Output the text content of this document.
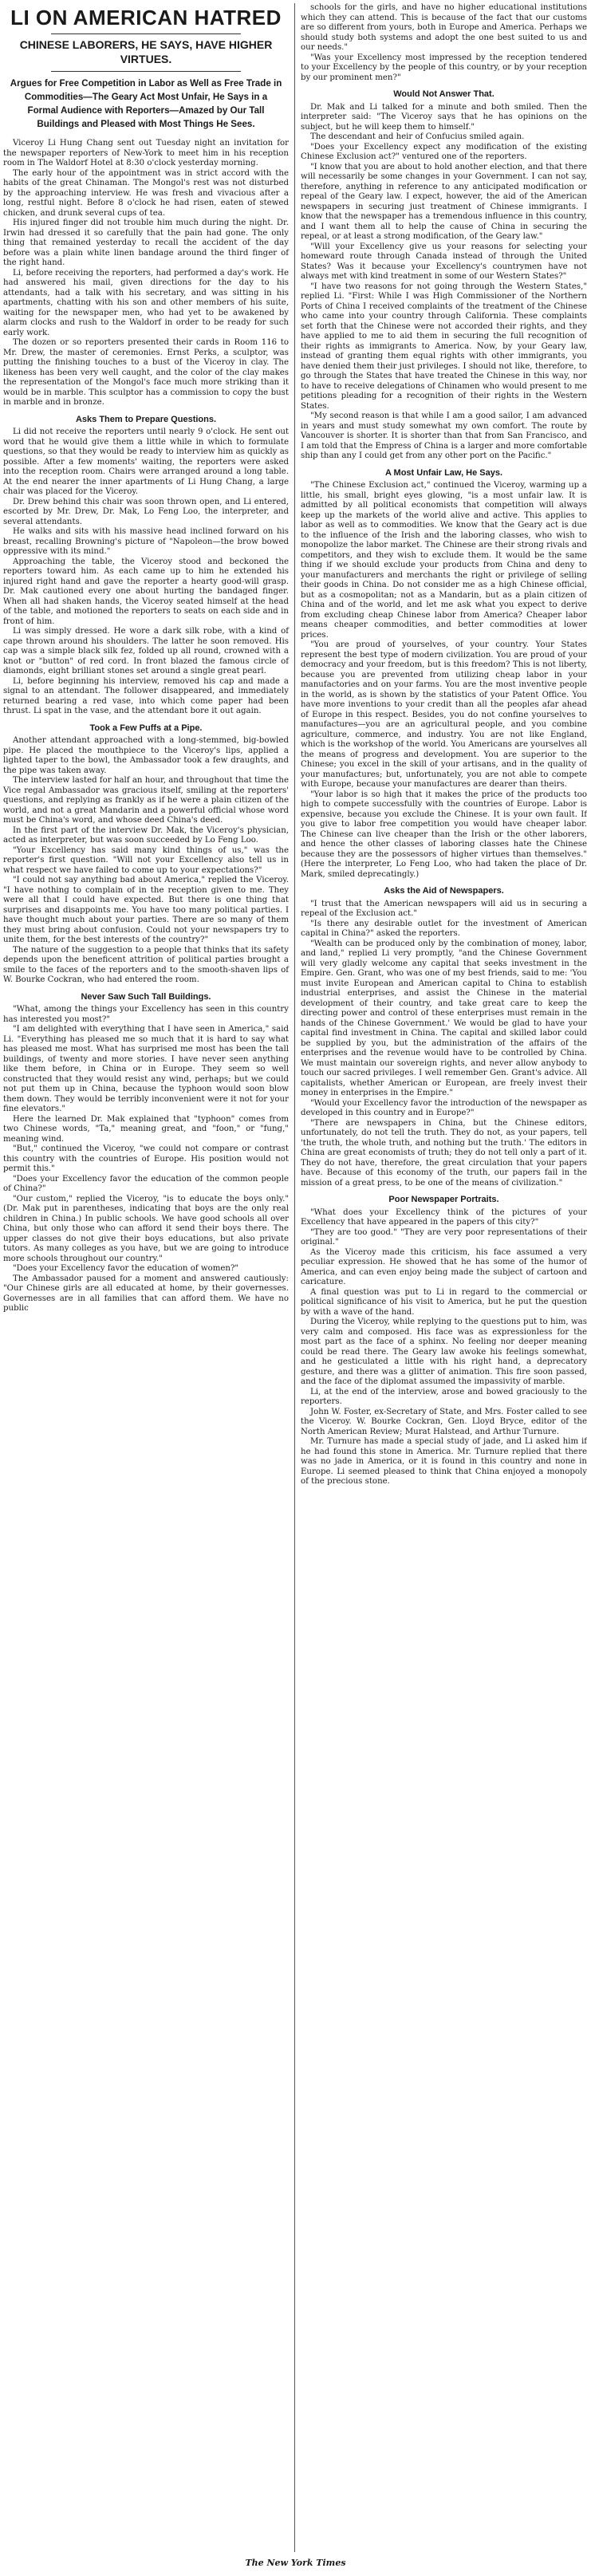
LI ON AMERICAN HATRED
CHINESE LABORERS, HE SAYS, HAVE HIGHER VIRTUES.
Argues for Free Competition in Labor as Well as Free Trade in Commodities—The Geary Act Most Unfair, He Says in a Formal Audience with Reporters—Amazed by Our Tall Buildings and Pleased with Most Things He Sees.

Viceroy Li Hung Chang sent out Tuesday night an invitation for the newspaper reporters of New-York to meet him in his reception room in The Waldorf Hotel at 8:30 o'clock yesterday morning.

The early hour of the appointment was in strict accord with the habits of the great Chinaman. The Mongol's rest was not disturbed by the approaching interview. He was fresh and vivacious after a long, restful night. Before 8 o'clock he had risen, eaten of stewed chicken, and drunk several cups of tea.

His injured finger did not trouble him much during the night. Dr. Irwin had dressed it so carefully that the pain had gone. The only thing that remained yesterday to recall the accident of the day before was a plain white linen bandage around the third finger of the right hand.

Li, before receiving the reporters, had performed a day's work. He had answered his mail, given directions for the day to his attendants, had a talk with his secretary, and was sitting in his apartments, chatting with his son and other members of his suite, waiting for the newspaper men, who had yet to be awakened by alarm clocks and rush to the Waldorf in order to be ready for such early work.

The dozen or so reporters presented their cards in Room 116 to Mr. Drew, the master of ceremonies. Ernst Perks, a sculptor, was putting the finishing touches to a bust of the Viceroy in clay. The likeness has been very well caught, and the color of the clay makes the representation of the Mongol's face much more striking than it would be in marble. This sculptor has a commission to copy the bust in marble and in bronze.

Asks Them to Prepare Questions.

Li did not receive the reporters until nearly 9 o'clock. He sent out word that he would give them a little while in which to formulate questions, so that they would be ready to interview him as quickly as possible. After a few moments' waiting, the reporters were asked into the reception room. Chairs were arranged around a long table. At the end nearer the inner apartments of Li Hung Chang, a large chair was placed for the Viceroy.

Dr. Drew behind this chair was soon thrown open, and Li entered, escorted by Mr. Drew, Dr. Mak, Lo Feng Loo, the interpreter, and several attendants.

He walks and sits with his massive head inclined forward on his breast, recalling Browning's picture of "Napoleon—the brow bowed oppressive with its mind."

Approaching the table, the Viceroy stood and beckoned the reporters toward him. As each came up to him he extended his injured right hand and gave the reporter a hearty good-will grasp. Dr. Mak cautioned every one about hurting the bandaged finger. When all had shaken hands, the Viceroy seated himself at the head of the table, and motioned the reporters to seats on each side and in front of him.

Li was simply dressed. He wore a dark silk robe, with a kind of cape thrown around his shoulders. The latter he soon removed. His cap was a simple black silk fez, folded up all round, crowned with a knot or "button" of red cord. In front blazed the famous circle of diamonds, eight brilliant stones set around a single great pearl.

Li, before beginning his interview, removed his cap and made a signal to an attendant. The follower disappeared, and immediately returned bearing a red vase, into which come paper had been thrust. Li spat in the vase, and the attendant bore it out again.

Took a Few Puffs at a Pipe.

Another attendant approached with a long-stemmed, big-bowled pipe. He placed the mouthpiece to the Viceroy's lips, applied a lighted taper to the bowl, the Ambassador took a few draughts, and the pipe was taken away.

The interview lasted for half an hour, and throughout that time the Vice regal Ambassador was gracious itself, smiling at the reporters' questions, and replying as frankly as if he were a plain citizen of the world, and not a great Mandarin and a powerful official whose word must be China's word, and whose deed China's deed.

In the first part of the interview Dr. Mak, the Viceroy's physician, acted as interpreter, but was soon succeeded by Lo Feng Loo.

"Your Excellency has said many kind things of us," was the reporter's first question. "Will not your Excellency also tell us in what respect we have failed to come up to your expectations?"

"I could not say anything bad about America," replied the Viceroy. "I have nothing to complain of in the reception given to me. They were all that I could have expected. But there is one thing that surprises and disappoints me. You have too many political parties. I have thought much about your parties. There are so many of them they must bring about confusion. Could not your newspapers try to unite them, for the best interests of the country?"

The nature of the suggestion to a people that thinks that its safety depends upon the beneficent attrition of political parties brought a smile to the faces of the reporters and to the smooth-shaven lips of W. Bourke Cockran, who had entered the room.

Never Saw Such Tall Buildings.

"What, among the things your Excellency has seen in this country has interested you most?"

"I am delighted with everything that I have seen in America," said Li. "Everything has pleased me so much that it is hard to say what has pleased me most. What has surprised me most has been the tall buildings, of twenty and more stories. I have never seen anything like them before, in China or in Europe. They seem so well constructed that they would resist any wind, perhaps; but we could not put them up in China, because the typhoon would soon blow them down. They would be terribly inconvenient were it not for your fine elevators."

Here the learned Dr. Mak explained that "typhoon" comes from two Chinese words, "Ta," meaning great, and "foon," or "fung," meaning wind.

"But," continued the Viceroy, "we could not compare or contrast this country with the countries of Europe. His position would not permit this."

"Does your Excellency favor the education of the common people of China?"

"Our custom," replied the Viceroy, "is to educate the boys only." (Dr. Mak put in parentheses, indicating that boys are the only real children in China.) In public schools. We have good schools all over China, but only those who can afford it send their boys there. The upper classes do not give their boys educations, but also private tutors. As many colleges as you have, but we are going to introduce more schools throughout our country."

"Does your Excellency favor the education of women?"

The Ambassador paused for a moment and answered cautiously: "Our Chinese girls are all educated at home, by their governesses. Governesses are in all families that can afford them. We have no public

schools for the girls, and have no higher educational institutions which they can attend. This is because of the fact that our customs are so different from yours, both in Europe and America. Perhaps we should study both systems and adopt the one best suited to us and our needs."

"Was your Excellency most impressed by the reception tendered to your Excellency by the people of this country, or by your reception by our prominent men?"

Would Not Answer That.

Dr. Mak and Li talked for a minute and both smiled. Then the interpreter said: "The Viceroy says that he has opinions on the subject, but he will keep them to himself."

The descendant and heir of Confucius smiled again.

"Does your Excellency expect any modification of the existing Chinese Exclusion act?" ventured one of the reporters.

"I know that you are about to hold another election, and that there will necessarily be some changes in your Government. I can not say, therefore, anything in reference to any anticipated modification or repeal of the Geary law. I expect, however, the aid of the American newspapers in securing just treatment of Chinese immigrants. I know that the newspaper has a tremendous influence in this country, and I want them all to help the cause of China in securing the repeal, or at least a strong modification, of the Geary law."

"Will your Excellency give us your reasons for selecting your homeward route through Canada instead of through the United States? Was it because your Excellency's countrymen have not always met with kind treatment in some of our Western States?"

"I have two reasons for not going through the Western States," replied Li. "First: While I was High Commissioner of the Northern Ports of China I received complaints of the treatment of the Chinese who came into your country through California. These complaints set forth that the Chinese were not accorded their rights, and they have applied to me to aid them in securing the full recognition of their rights as immigrants to America. Now, by your Geary law, instead of granting them equal rights with other immigrants, you have denied them their just privileges. I should not like, therefore, to go through the States that have treated the Chinese in this way, nor to have to receive delegations of Chinamen who would present to me petitions pleading for a recognition of their rights in the Western States.

"My second reason is that while I am a good sailor, I am advanced in years and must study somewhat my own comfort. The route by Vancouver is shorter. It is shorter than that from San Francisco, and I am told that the Empress of China is a larger and more comfortable ship than any I could get from any other port on the Pacific."

A Most Unfair Law, He Says.

"The Chinese Exclusion act," continued the Viceroy, warming up a little, his small, bright eyes glowing, "is a most unfair law. It is admitted by all political economists that competition will always keep up the markets of the world alive and active. This applies to labor as well as to commodities. We know that the Geary act is due to the influence of the Irish and the laboring classes, who wish to monopolize the labor market. The Chinese are their strong rivals and competitors, and they wish to exclude them. It would be the same thing if we should exclude your products from China and deny to your manufacturers and merchants the right or privilege of selling their goods in China. Do not consider me as a high Chinese official, but as a cosmopolitan; not as a Mandarin, but as a plain citizen of China and of the world, and let me ask what you expect to derive from excluding cheap Chinese labor from America? Cheaper labor means cheaper commodities, and better commodities at lower prices.

"You are proud of yourselves, of your country. Your States represent the best type of modern civilization. You are proud of your democracy and your freedom, but is this freedom? This is not liberty, because you are prevented from utilizing cheap labor in your manufactories and on your farms. You are the most inventive people in the world, as is shown by the statistics of your Patent Office. You have more inventions to your credit than all the peoples afar ahead of Europe in this respect. Besides, you do not confine yourselves to manufactures—you are an agricultural people, and you combine agriculture, commerce, and industry. You are not like England, which is the workshop of the world. You Americans are yourselves all the means of progress and development. You are superior to the Chinese; you excel in the skill of your artisans, and in the quality of your manufactures; but, unfortunately, you are not able to compete with Europe, because your manufactures are dearer than theirs.

"Your labor is so high that it makes the price of the products too high to compete successfully with the countries of Europe. Labor is expensive, because you exclude the Chinese. It is your own fault. If you give to labor free competition you would have cheaper labor. The Chinese can live cheaper than the Irish or the other laborers, and hence the other classes of laboring classes hate the Chinese because they are the possessors of higher virtues than themselves." (Here the interpreter, Lo Feng Loo, who had taken the place of Dr. Mark, smiled deprecatingly.)

Asks the Aid of Newspapers.

"I trust that the American newspapers will aid us in securing a repeal of the Exclusion act."

"Is there any desirable outlet for the investment of American capital in China?" asked the reporters.

"Wealth can be produced only by the combination of money, labor, and land," replied Li very promptly, "and the Chinese Government will very gladly welcome any capital that seeks investment in the Empire. Gen. Grant, who was one of my best friends, said to me: 'You must invite European and American capital to China to establish industrial enterprises, and assist the Chinese in the material development of their country, and take great care to keep the directing power and control of these enterprises must remain in the hands of the Chinese Government.' We would be glad to have your capital find investment in China. The capital and skilled labor could be supplied by you, but the administration of the affairs of the enterprises and the revenue would have to be controlled by China. We must maintain our sovereign rights, and never allow anybody to touch our sacred privileges. I well remember Gen. Grant's advice. All capitalists, whether American or European, are freely invest their money in enterprises in the Empire."

"Would your Excellency favor the introduction of the newspaper as developed in this country and in Europe?"

"There are newspapers in China, but the Chinese editors, unfortunately, do not tell the truth. They do not, as your papers, tell 'the truth, the whole truth, and nothing but the truth.' The editors in China are great economists of truth; they do not tell only a part of it. They do not have, therefore, the great circulation that your papers have. Because of this economy of the truth, our papers fail in the mission of a great press, to be one of the means of civilization."

Poor Newspaper Portraits.

"What does your Excellency think of the pictures of your Excellency that have appeared in the papers of this city?"

"They are too good." "They are very poor representations of their original."

As the Viceroy made this criticism, his face assumed a very peculiar expression. He showed that he has some of the humor of America, and can even enjoy being made the subject of cartoon and caricature.

A final question was put to Li in regard to the commercial or political significance of his visit to America, but he put the question by with a wave of the hand.

During the Viceroy, while replying to the questions put to him, was very calm and composed. His face was as expressionless for the most part as the face of a sphinx. No feeling nor deeper meaning could be read there. The Geary law awoke his feelings somewhat, and he gesticulated a little with his right hand, a deprecatory gesture, and there was a glitter of animation. This fire soon passed, and the face of the diplomat assumed the impassivity of marble.

Li, at the end of the interview, arose and bowed graciously to the reporters.

John W. Foster, ex-Secretary of State, and Mrs. Foster called to see the Viceroy. W. Bourke Cockran, Gen. Lloyd Bryce, editor of the North American Review; Murat Halstead, and Arthur Turnure.

Mr. Turnure has made a special study of jade, and Li asked him if he had found this stone in America. Mr. Turnure replied that there was no jade in America, or it is found in this country and none in Europe. Li seemed pleased to think that China enjoyed a monopoly of the precious stone.

The New York Times
